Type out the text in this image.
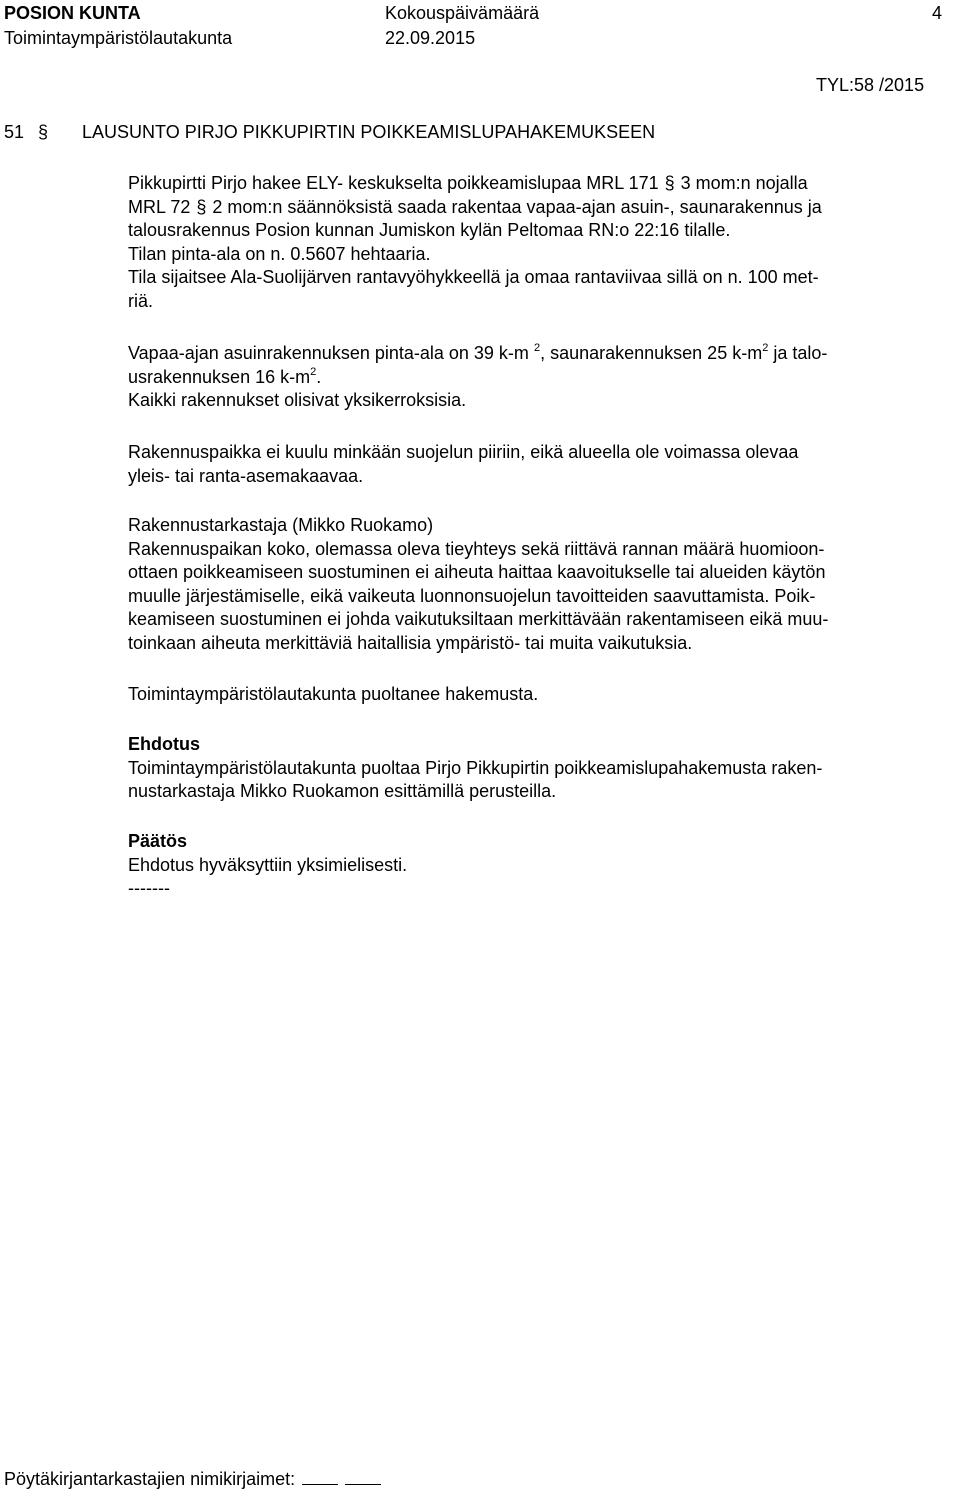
POSION KUNTA	Kokouspäivämäärä	4
Toimintaympäristölautakunta	22.09.2015
TYL:58 /2015
51 § LAUSUNTO PIRJO PIKKUPIRTIN POIKKEAMISLUPAHAKEMUKSEEN

Pikkupirtti Pirjo hakee ELY- keskukselta poikkeamislupaa MRL 171 § 3 mom:n nojalla
MRL 72 § 2 mom:n säännöksistä saada rakentaa vapaa-ajan asuin-, saunarakennus ja
talousrakennus Posion kunnan Jumiskon kylän Peltomaa RN:o 22:16 tilalle.
Tilan pinta-ala on n. 0.5607 hehtaaria.
Tila sijaitsee Ala-Suolijärven rantavyöhykkeellä ja omaa rantaviivaa sillä on n. 100 met-
riä.

Vapaa-ajan asuinrakennuksen pinta-ala on 39 k-m $^2$, saunarakennuksen 25 $k-m^2$ ja talo-
usrakennuksen 16 $k-m^2$.
Kaikki rakennukset olisivat yksikerroksisia.

Rakennuspaikka ei kuulu minkään suojelun piiriin, eikä alueella ole voimassa olevaa
yleis- tai ranta-asemakaavaa.

Rakennustarkastaja (Mikko Ruokamo)
Rakennuspaikan koko, olemassa oleva tieyhteys sekä riittävä rannan määrä huomioon-
ottaen poikkeamiseen suostuminen ei aiheuta haittaa kaavoitukselle tai alueiden käytön
muulle järjestämiselle, eikä vaikeuta luonnonsuojelun tavoitteiden saavuttamista. Poik-
keamiseen suostuminen ei johda vaikutuksiltaan merkittävään rakentamiseen eikä muu-
toinkaan aiheuta merkittäviä haitallisia ympäristö- tai muita vaikutuksia.

Toimintaympäristölautakunta puoltanee hakemusta.

Ehdotus
Toimintaympäristölautakunta puoltaa Pirjo Pikkupirtin poikkeamislupahakemusta raken-
nustarkastaja Mikko Ruokamon esittämillä perusteilla.

Päätös
Ehdotus hyväksyttiin yksimielisesti.
-------

Pöytäkirjantarkastajien nimikirjaimet:
